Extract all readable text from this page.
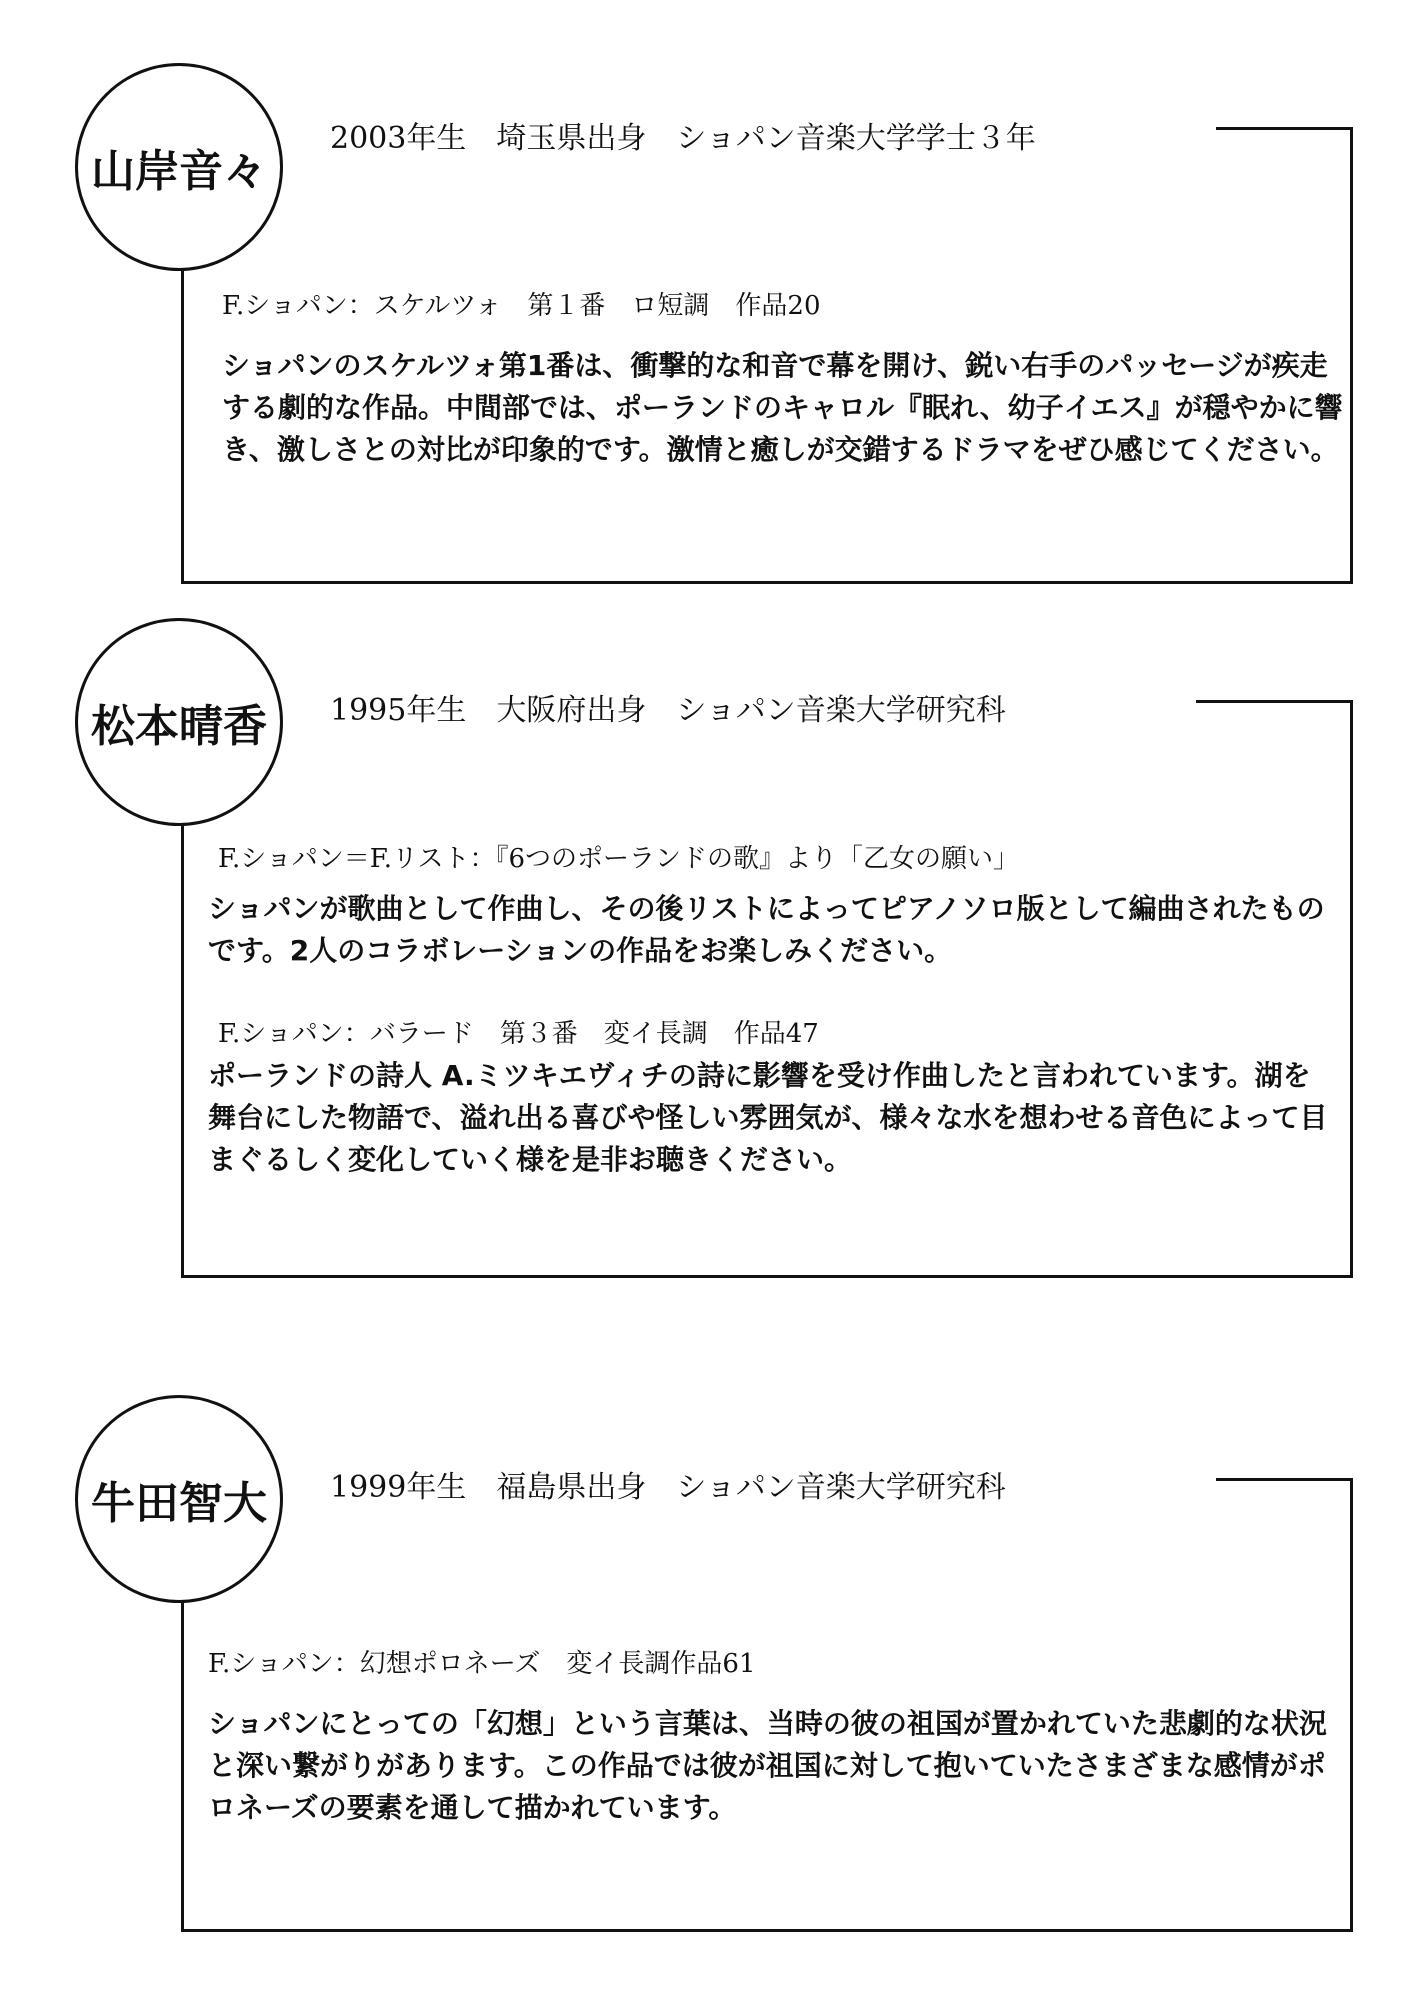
山岸音々
2003年生　埼玉県出身　ショパン音楽大学学士３年
F.ショパン：スケルツォ　第１番　ロ短調　作品20

ショパンのスケルツォ第1番は、衝撃的な和音で幕を開け、鋭い右手のパッセージが疾走する劇的な作品。中間部では、ポーランドのキャロル『眠れ、幼子イエス』が穏やかに響き、激しさとの対比が印象的です。激情と癒しが交錯するドラマをぜひ感じてください。

松本晴香 1995年生　大阪府出身　ショパン音楽大学研究科
F.ショパン＝F.リスト：『6つのポーランドの歌』より「乙女の願い」

ショパンが歌曲として作曲し、その後リストによってピアノソロ版として編曲されたものです。2人のコラボレーションの作品をお楽しみください。

F.ショパン：バラード　第３番　変イ長調　作品47

ポーランドの詩人 A.ミツキエヴィチの詩に影響を受け作曲したと言われています。湖を舞台にした物語で、溢れ出る喜びや怪しい雰囲気が、様々な水を想わせる音色によって目まぐるしく変化していく様を是非お聴きください。

牛田智大 1999年生　福島県出身　ショパン音楽大学研究科
F.ショパン：幻想ポロネーズ　変イ長調作品61

ショパンにとっての「幻想」という言葉は、当時の彼の祖国が置かれていた悲劇的な状況と深い繋がりがあります。この作品では彼が祖国に対して抱いていたさまざまな感情がポロネーズの要素を通して描かれています。
